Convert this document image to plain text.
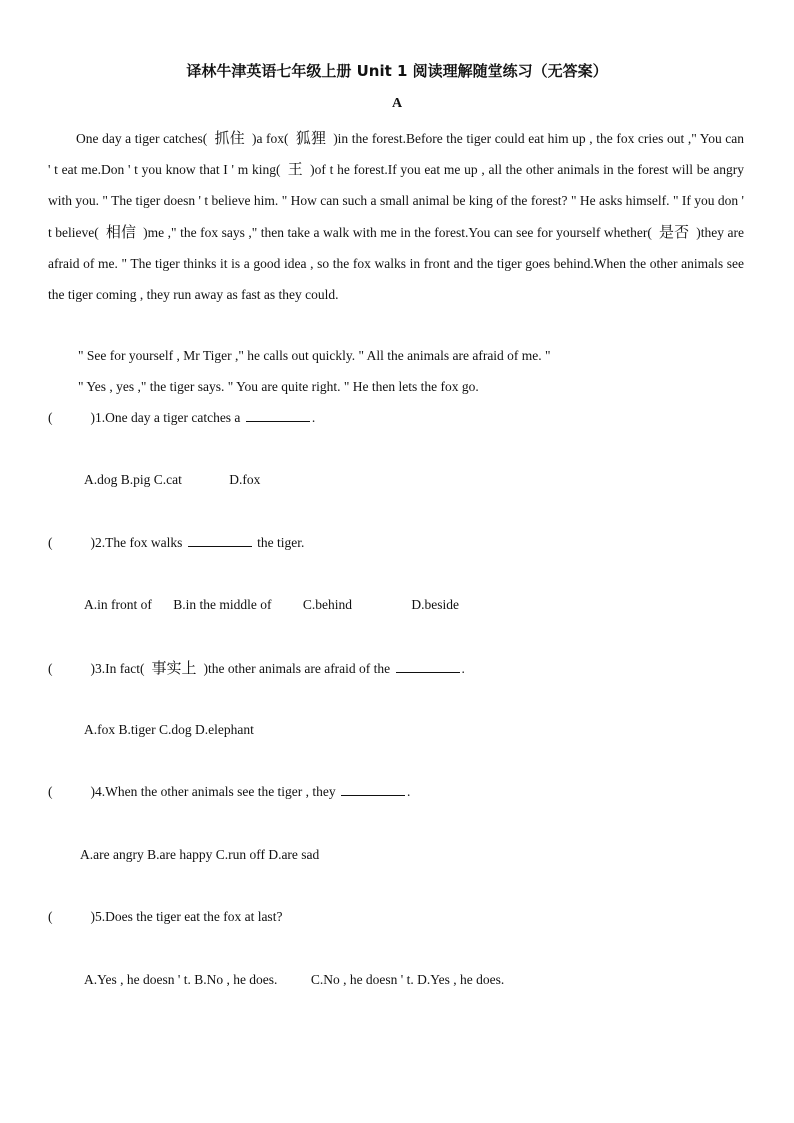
译林牛津英语七年级上册 Unit 1 阅读理解随堂练习（无答案）
A

One day a tiger catches( 抓住 )a fox( 狐狸 )in the forest.Before the tiger could eat him up , the fox cries out ," You can ' t eat me.Don ' t you know that I ' m king( 王 )of t he forest.If you eat me up , all the other animals in the forest will be angry with you. " The tiger doesn ' t believe him. " How can such a small animal be king of the forest? " He asks himself. " If you don ' t believe( 相信 )me ," the fox says ," then take a walk with me in the forest.You can see for yourself whether( 是否 )they are afraid of me. " The tiger thinks it is a good idea , so the fox walks in front and the tiger goes behind.When the other animals see the tiger coming , they run away as fast as they could.

" See for yourself , Mr Tiger ," he calls out quickly. " All the animals are afraid of me. "
" Yes , yes ," the tiger says. " You are quite right. " He then lets the fox go.
(	)1.One day a tiger catches a	.
A.dog B.pig C.cat	D.fox
(	)2.The fox walks	the tiger.
A.in front of B.in the middle of C.behind	D.beside
(	)3.In fact( 事实上 )the other animals are afraid of the	.
A.fox B.tiger C.dog D.elephant
(	)4.When the other animals see the tiger , they	.
A.are angry B.are happy C.run off D.are sad
(	)5.Does the tiger eat the fox at last?
A.Yes , he doesn ' t. B.No , he does. C.No , he doesn ' t. D.Yes , he does.
